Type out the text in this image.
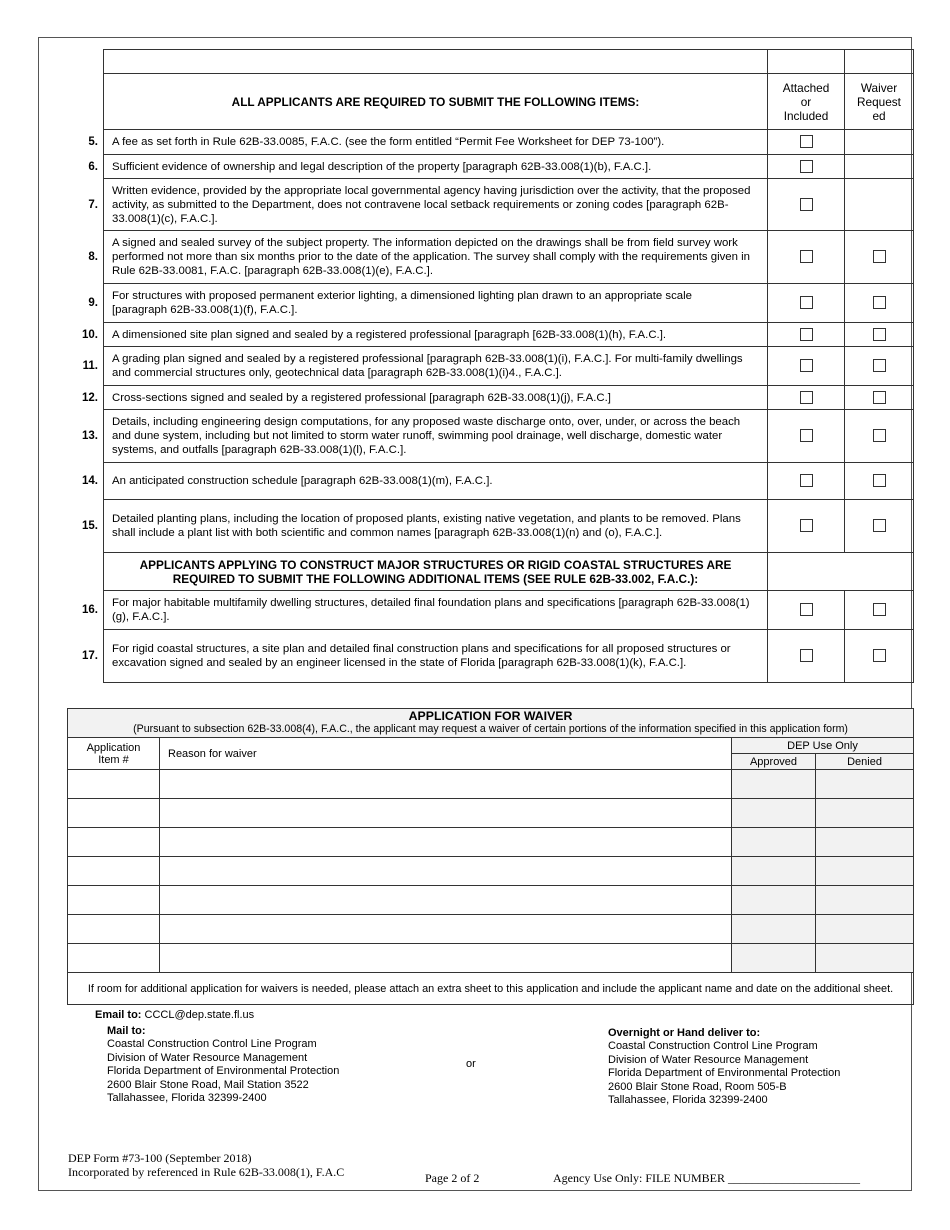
ALL APPLICANTS ARE REQUIRED TO SUBMIT THE FOLLOWING ITEMS:	Attached
or
Included	Waiver
Request
ed

5. A fee as set forth in Rule 62B-33.0085, F.A.C. (see the form entitled “Permit Fee Worksheet for DEP 73-100”).		

6. Sufficient evidence of ownership and legal description of the property [paragraph 62B-33.008(1)(b), F.A.C.].		

7.
Written evidence, provided by the appropriate local governmental agency having jurisdiction over the activity, that the proposed activity, as submitted to the Department, does not contravene local setback requirements or zoning codes [paragraph 62B-33.008(1)(c), F.A.C.].		

8.
A signed and sealed survey of the subject property. The information depicted on the drawings shall be from field survey work performed not more than six months prior to the date of the application. The survey shall comply with the requirements given in Rule 62B-33.0081, F.A.C. [paragraph 62B-33.008(1)(e), F.A.C.].		

9.
For structures with proposed permanent exterior lighting, a dimensioned lighting plan drawn to an appropriate scale [paragraph 62B-33.008(1)(f), F.A.C.].		

10. A dimensioned site plan signed and sealed by a registered professional [paragraph [62B-33.008(1)(h), F.A.C.].		

11.
A grading plan signed and sealed by a registered professional [paragraph 62B-33.008(1)(i), F.A.C.]. For multi-family dwellings and commercial structures only, geotechnical data [paragraph 62B-33.008(1)(i)4., F.A.C.].		

12. Cross-sections signed and sealed by a registered professional [paragraph 62B-33.008(1)(j), F.A.C.]		

13.
Details, including engineering design computations, for any proposed waste discharge onto, over, under, or across the beach and dune system, including but not limited to storm water runoff, swimming pool drainage, well discharge, domestic water systems, and outfalls [paragraph 62B-33.008(1)(l), F.A.C.].		

14. An anticipated construction schedule [paragraph 62B-33.008(1)(m), F.A.C.].		

15.
Detailed planting plans, including the location of proposed plants, existing native vegetation, and plants to be removed. Plans shall include a plant list with both scientific and common names [paragraph 62B-33.008(1)(n) and (o), F.A.C.].		
APPLICANTS APPLYING TO CONSTRUCT MAJOR STRUCTURES OR RIGID COASTAL STRUCTURES ARE REQUIRED TO SUBMIT THE FOLLOWING ADDITIONAL ITEMS (SEE RULE 62B-33.002, F.A.C.):		

16.
For major habitable multifamily dwelling structures, detailed final foundation plans and specifications [paragraph 62B-33.008(1)(g), F.A.C.].		

17.
For rigid coastal structures, a site plan and detailed final construction plans and specifications for all proposed structures or excavation signed and sealed by an engineer licensed in the state of Florida [paragraph 62B-33.008(1)(k), F.A.C.].		
APPLICATION FOR WAIVER
(Pursuant to subsection 62B-33.008(4), F.A.C., the applicant may request a waiver of certain portions of the information specified in this application form)			

Application
Item #	Reason for waiver	DEP Use Only	
		Approved	Denied

If room for additional application for waivers is needed, please attach an extra sheet to this application and include the applicant name and date on the additional sheet.			
Email to: CCCL@dep.state.fl.us
Mail to:
Coastal Construction Control Line Program
Division of Water Resource Management
Florida Department of Environmental Protection
2600 Blair Stone Road, Mail Station 3522
Tallahassee, Florida 32399-2400
or
Overnight or Hand deliver to:
Coastal Construction Control Line Program
Division of Water Resource Management
Florida Department of Environmental Protection
2600 Blair Stone Road, Room 505-B
Tallahassee, Florida 32399-2400
DEP Form #73-100 (September 2018)
Incorporated by referenced in Rule 62B-33.008(1), F.A.C	Page 2 of 2	Agency Use Only: FILE NUMBER ______________________
